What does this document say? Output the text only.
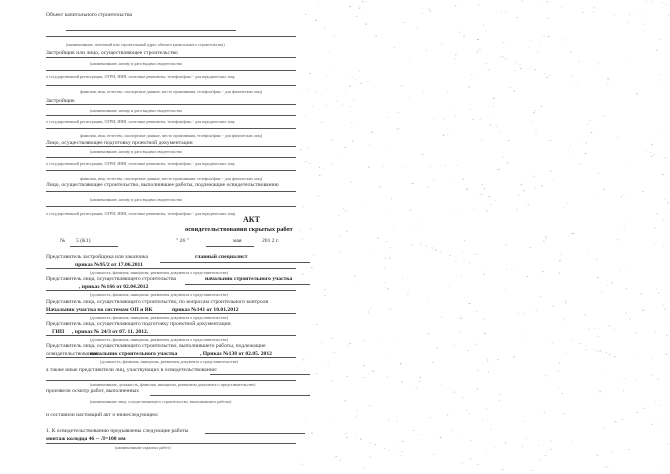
Объект капитального строительства
(наименование, почтовый или строительный адрес объекта капитального строительства)
Застройщик или лицо, осуществляющее строительство
(наименование, номер и дата выдачи свидетельства
о государственной регистрации, ОГРН, ИНН, почтовые реквизиты, телефон/факс - для юридических лиц;
фамилия, имя, отчество, паспортные данные, место проживания, телефон/факс - для физических лиц)
Застройщик
(наименование, номер и дата выдачи свидетельства
о государственной регистрации, ОГРН, ИНН, почтовые реквизиты, телефон/факс - для юридических лиц;
фамилия, имя, отчество, паспортные данные, место проживания, телефон/факс - для физических лиц)
Лицо, осуществляющее подготовку проектной документации
(наименование, номер и дата выдачи свидетельства
о государственной регистрации, ОГРН, ИНН, почтовые реквизиты, телефон/факс - для юридических лиц;
фамилия, имя, отчество, паспортные данные, место проживания, телефон/факс - для физических лиц)
Лицо, осуществляющее строительство, выполнившее работы, подлежащие освидетельствованию
(наименование, номер и дата выдачи свидетельства
о государственной регистрации, ОГРН, ИНН, почтовые реквизиты, телефон/факс - для юридических лиц)
АКТ
освидетельствования скрытых работ
№ 5 (К1)	" 26 "	мая	201 2 г.
Представитель застройщика или заказчика	главный специалист
приказ №95/2 от 17.06.2011
(должность, фамилия, инициалы, реквизиты документа о представительстве)
Представитель лица, осуществляющего строительства	начальник строительного участка
, приказ №166 от 02.04.2012
(должность, фамилия, инициалы, реквизиты документа о представительстве)
Представитель лица, осуществляющего строительство, по вопросам строительного контроля
Начальник участка по системам ОП и ВК	приказ №141 от 10.01.2012
(должность, фамилия, инициалы, реквизиты документа о представительстве)
Представитель лица, осуществляющего подготовку проектной документации
ГИП , приказ № 24/3 от 07. 11. 2012.
(должность, фамилия, инициалы, реквизиты документа о представительстве)
Представитель лица, осуществляющего строительство, выполнившего работы, подлежащие
освидетельствованию
начальник строительного участка	, Приказ №138 от 02.05. 2012
(должность, фамилия, инициалы, реквизиты документа о представительстве)
а также иные представители лиц, участвующих в освидетельствовании:
(наименование, должность, фамилия, инициалы, реквизиты документа о представительстве)
произвели осмотр работ, выполненных
(наименование лица, осуществляющего строительство, выполнившего работы)
и составили настоящий акт о нижеследующем:
1. К освидетельствованию предъявлены следующие работы
монтаж колодца 46 -- Л=100 мм
(наименование скрытых работ)
